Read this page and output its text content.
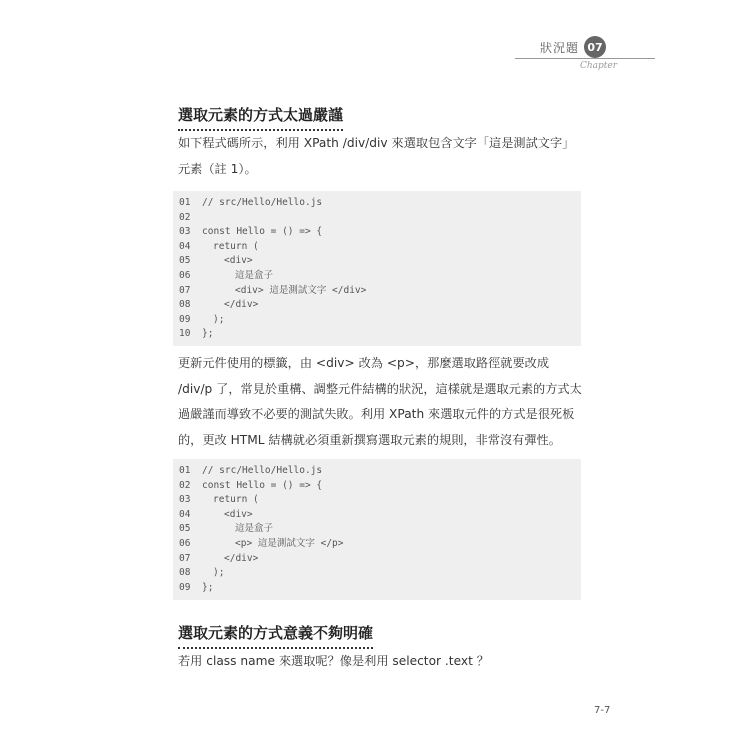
狀況題 07
Chapter
選取元素的方式太過嚴謹
如下程式碼所示，利用 XPath /div/div 來選取包含文字「這是測試文字」元素（註 1）。
01 // src/Hello/Hello.js
02
03 const Hello = () => {
04 return (
05	<div>
06	這是盒子
07	<div> 這是測試文字 </div>
08	</div>
09 );
10 };
更新元件使用的標籤，由 <div> 改為 <p>，那麼選取路徑就要改成 /div/p 了，常見於重構、調整元件結構的狀況，這樣就是選取元素的方式太過嚴謹而導致不必要的測試失敗。利用 XPath 來選取元件的方式是很死板的，更改 HTML 結構就必須重新撰寫選取元素的規則，非常沒有彈性。
01 // src/Hello/Hello.js
02 const Hello = () => {
03 return (
04	<div>
05	這是盒子
06	<p> 這是測試文字 </p>
07	</div>
08 );
09 };
選取元素的方式意義不夠明確
若用 class name 來選取呢？像是利用 selector .text ？
7-7
